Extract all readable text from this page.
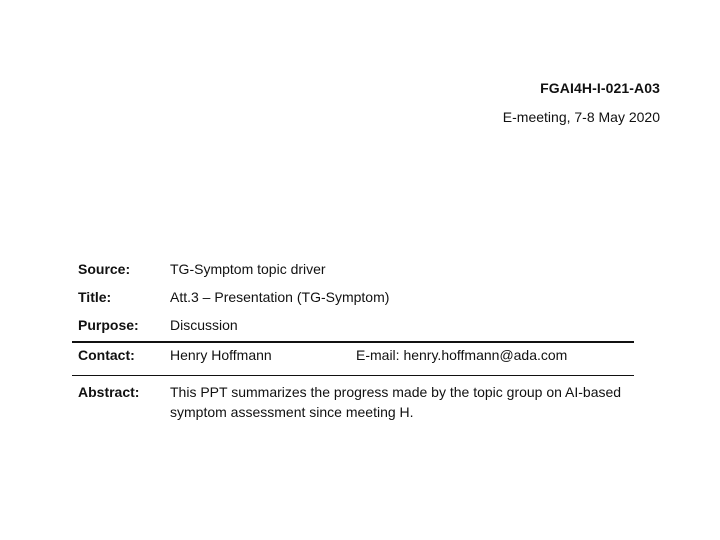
FGAI4H-I-021-A03
E-meeting, 7-8 May 2020
Source:	TG-Symptom topic driver
Title:	Att.3 – Presentation (TG-Symptom)
Purpose:	Discussion
Contact:	Henry Hoffmann E-mail: henry.hoffmann@ada.com
Abstract:	This PPT summarizes the progress made by the topic group on AI-based symptom assessment since meeting H.
